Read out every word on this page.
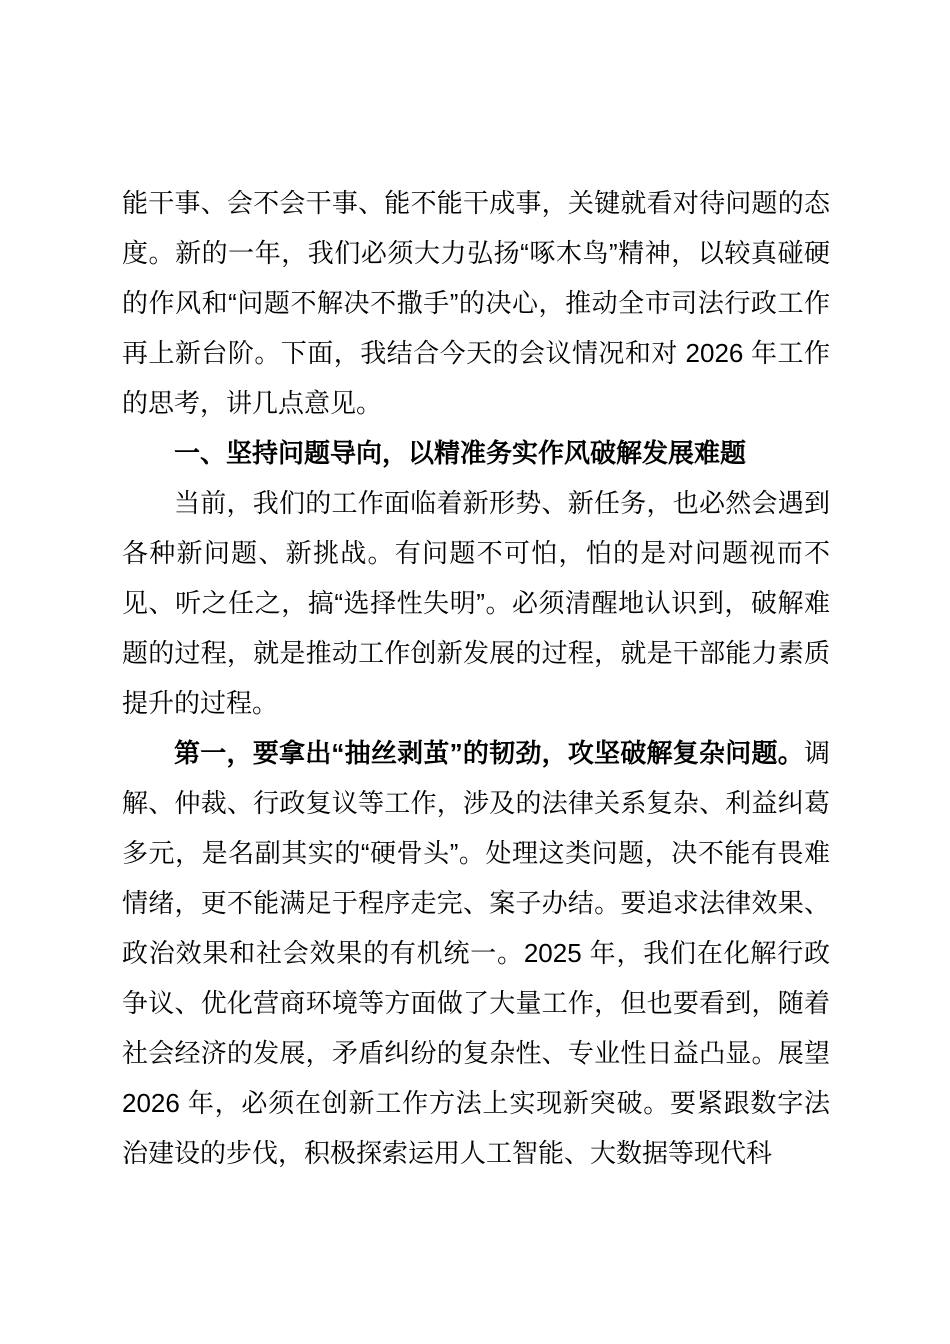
能干事、会不会干事、能不能干成事，关键就看对待问题的态度。新的一年，我们必须大力弘扬“啄木鸟”精神，以较真碰硬的作风和“问题不解决不撒手”的决心，推动全市司法行政工作再上新台阶。下面，我结合今天的会议情况和对 2026 年工作的思考，讲几点意见。

一、坚持问题导向，以精准务实作风破解发展难题

当前，我们的工作面临着新形势、新任务，也必然会遇到各种新问题、新挑战。有问题不可怕，怕的是对问题视而不见、听之任之，搞“选择性失明”。必须清醒地认识到，破解难题的过程，就是推动工作创新发展的过程，就是干部能力素质提升的过程。

第一，要拿出“抽丝剥茧”的韧劲，攻坚破解复杂问题。调解、仲裁、行政复议等工作，涉及的法律关系复杂、利益纠葛多元，是名副其实的“硬骨头”。处理这类问题，决不能有畏难情绪，更不能满足于程序走完、案子办结。要追求法律效果、政治效果和社会效果的有机统一。2025 年，我们在化解行政争议、优化营商环境等方面做了大量工作，但也要看到，随着社会经济的发展，矛盾纠纷的复杂性、专业性日益凸显。展望 2026 年，必须在创新工作方法上实现新突破。要紧跟数字法治建设的步伐，积极探索运用人工智能、大数据等现代科
